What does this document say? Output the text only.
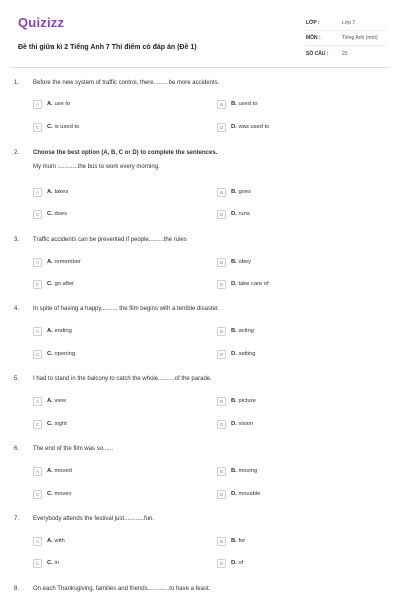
Quizizz
Đề thi giữa kì 2 Tiếng Anh 7 Thí điểm có đáp án (Đề 1)
LỚP :	Lớp 7
MÔN :	Tiếng Anh (mới)
SỐ CÂU :	20
1. Before the new system of traffic control, there.........be more accidents.
A	A. use to	B	B. used to
C	C. is used to	D	D. was used to
2. Choose the best option (A, B, C or D) to complete the sentences.
My mum ............the bus to work every morning.
A	A. takes	B	B. goes
C	C. does	D	D. runs
3. Traffic accidents can be prevented if people.........the rules
A	A. remember	B	B. obey
C	C. go after	D	D. take care of
4. In spite of having a happy........., the film begins with a terrible disaster.
A	A. ending	B	B. acting
C	C. opening	D	D. setting
5. I had to stand in the balcony to catch the whole..........of the parade.
A	A. view	B	B. picture
C	C. sight	D	D. vision
6. The end of the film was so......
A	A. moved	B	B. moving
C	C. movev	D	D. movable
7. Everybody attends the festival just............fun.
A	A. with	B	B. for
C	C. in	D	D. of
8. On each Thanksgiving, families and friends.............to have a feast.
